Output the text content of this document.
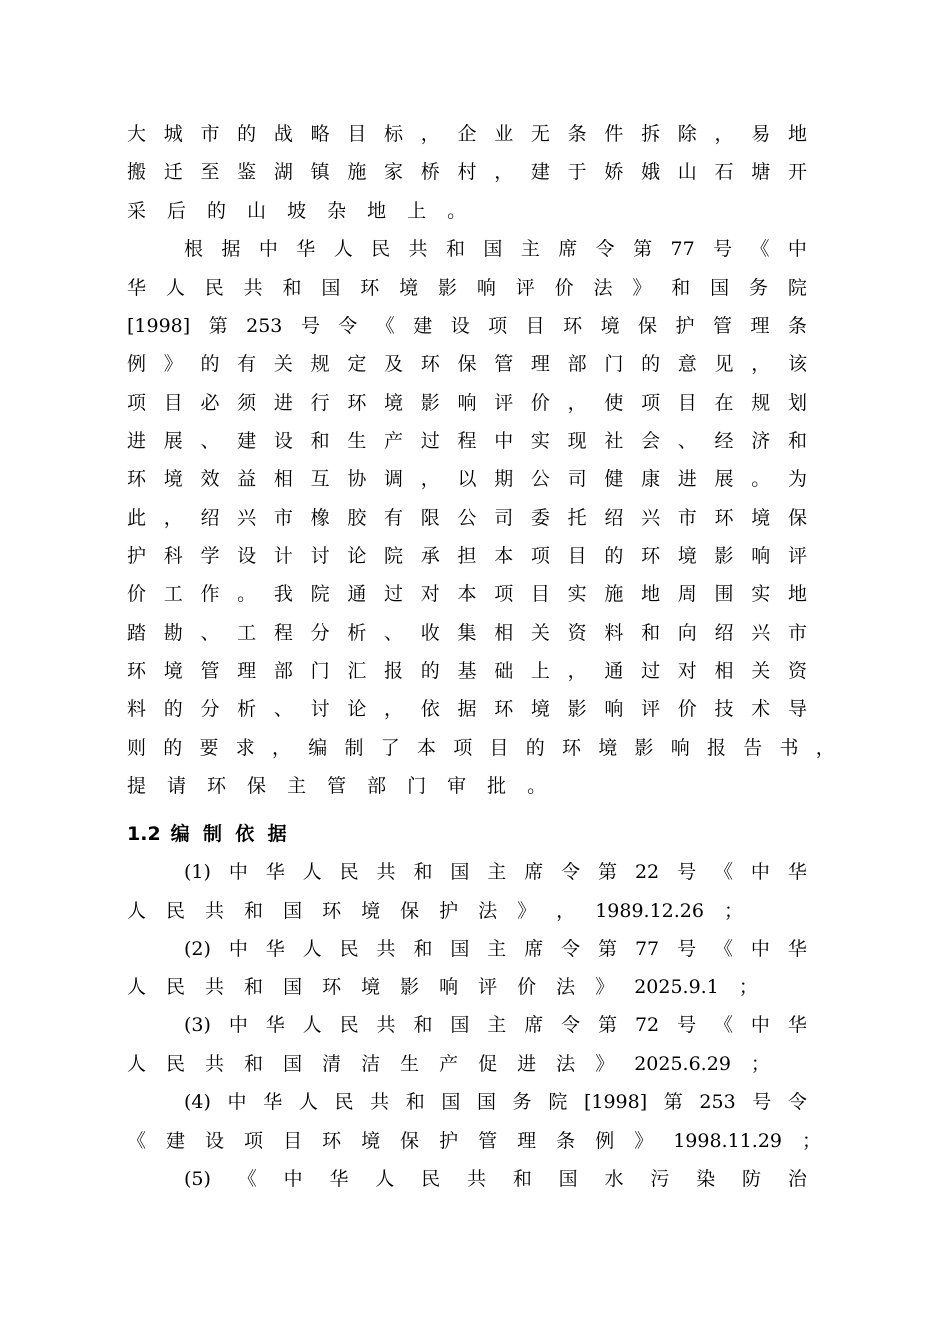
大 城 市 的 战 略 目 标 ， 企 业 无 条 件 拆 除 ， 易 地
搬 迁 至 鉴 湖 镇 施 家 桥 村 ， 建 于 娇 娥 山 石 塘 开
采 后 的 山 坡 杂 地 上 。
根 据 中 华 人 民 共 和 国 主 席 令 第 77 号 《 中
华 人 民 共 和 国 环 境 影 响 评 价 法 》 和 国 务 院
[1998] 第 253 号 令 《 建 设 项 目 环 境 保 护 管 理 条
例 》 的 有 关 规 定 及 环 保 管 理 部 门 的 意 见 ， 该
项 目 必 须 进 行 环 境 影 响 评 价 ， 使 项 目 在 规 划
进 展 、 建 设 和 生 产 过 程 中 实 现 社 会 、 经 济 和
环 境 效 益 相 互 协 调 ， 以 期 公 司 健 康 进 展 。 为
此 ， 绍 兴 市 橡 胶 有 限 公 司 委 托 绍 兴 市 环 境 保
护 科 学 设 计 讨 论 院 承 担 本 项 目 的 环 境 影 响 评
价 工 作 。 我 院 通 过 对 本 项 目 实 施 地 周 围 实 地
踏 勘 、 工 程 分 析 、 收 集 相 关 资 料 和 向 绍 兴 市
环 境 管 理 部 门 汇 报 的 基 础 上 ， 通 过 对 相 关 资
料 的 分 析 、 讨 论 ， 依 据 环 境 影 响 评 价 技 术 导
则 的 要 求 ， 编 制 了 本 项 目 的 环 境 影 响 报 告 书 ，
提 请 环 保 主 管 部 门 审 批 。
1.2 编制依据
(1) 中 华 人 民 共 和 国 主 席 令 第 22 号 《 中 华
人 民 共 和 国 环 境 保 护 法 》 ， 1989.12.26 ；
(2) 中 华 人 民 共 和 国 主 席 令 第 77 号 《 中 华
人 民 共 和 国 环 境 影 响 评 价 法 》 2025.9.1 ；
(3) 中 华 人 民 共 和 国 主 席 令 第 72 号 《 中 华
人 民 共 和 国 清 洁 生 产 促 进 法 》 2025.6.29 ；
(4) 中 华 人 民 共 和 国 国 务 院 [1998] 第 253 号 令
《 建 设 项 目 环 境 保 护 管 理 条 例 》 1998.11.29 ；
(5) 《 中 华 人 民 共 和 国 水 污 染 防 治
